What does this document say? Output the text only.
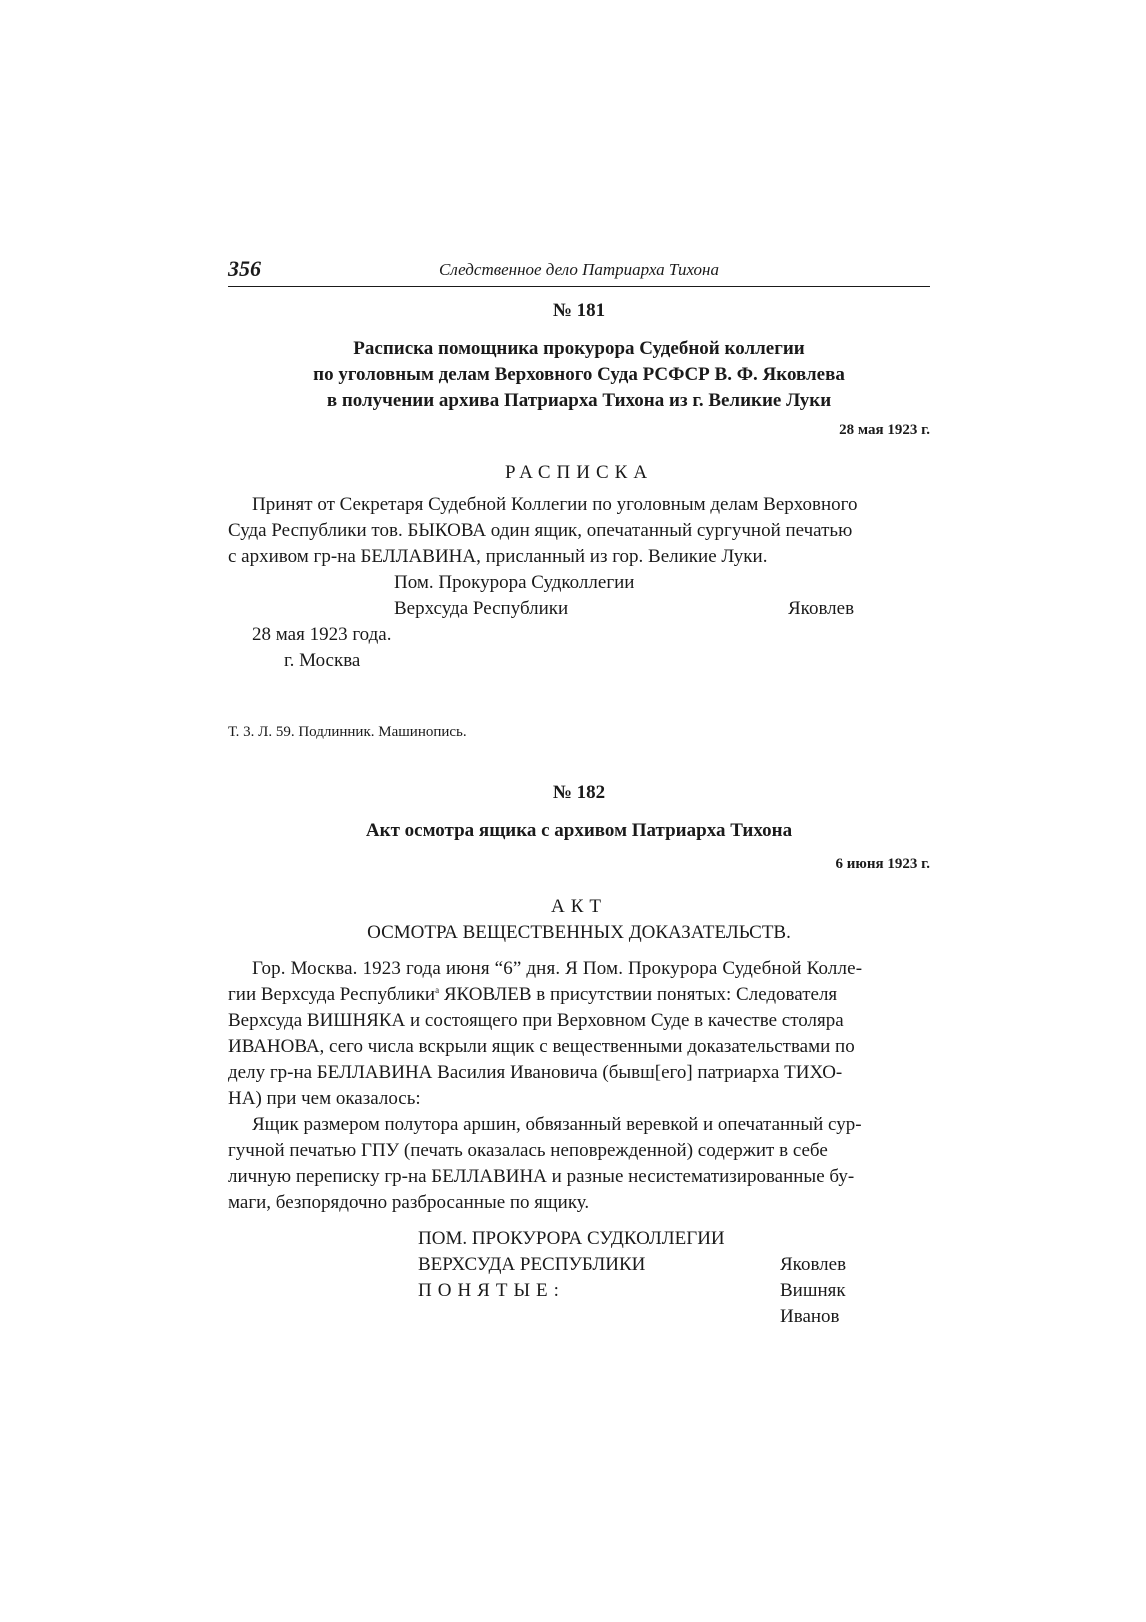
356	Следственное дело Патриарха Тихона
№ 181
Расписка помощника прокурора Судебной коллегии
по уголовным делам Верховного Суда РСФСР В. Ф. Яковлева
в получении архива Патриарха Тихона из г. Великие Луки
28 мая 1923 г.
РАСПИСКА
Принят от Секретаря Судебной Коллегии по уголовным делам Верховного
Суда Республики тов. БЫКОВА один ящик, опечатанный сургучной печатью
с архивом гр-на БЕЛЛАВИНА, присланный из гор. Великие Луки.
Пом. Прокурора Судколлегии
Верхсуда Республики	Яковлев
28 мая 1923 года.
г. Москва
Т. 3. Л. 59. Подлинник. Машинопись.
№ 182
Акт осмотра ящика с архивом Патриарха Тихона
6 июня 1923 г.
АКТ
ОСМОТРА ВЕЩЕСТВЕННЫХ ДОКАЗАТЕЛЬСТВ.
Гор. Москва. 1923 года июня “6” дня. Я Пом. Прокурора Судебной Колле-
гии Верхсуда Республики$^а$ ЯКОВЛЕВ в присутствии понятых: Следователя
Верхсуда ВИШНЯКА и состоящего при Верховном Суде в качестве столяра
ИВАНОВА, сего числа вскрыли ящик с вещественными доказательствами по
делу гр-на БЕЛЛАВИНА Василия Ивановича (бывш[его] патриарха ТИХО-
НА) при чем оказалось:
Ящик размером полутора аршин, обвязанный веревкой и опечатанный сур-
гучной печатью ГПУ (печать оказалась неповрежденной) содержит в себе
личную переписку гр-на БЕЛЛАВИНА и разные несистематизированные бу-
маги, безпорядочно разбросанные по ящику.
ПОМ. ПРОКУРОРА СУДКОЛЛЕГИИ
ВЕРХСУДА РЕСПУБЛИКИ	Яковлев
ПОНЯТЫЕ:	Вишняк
Иванов
